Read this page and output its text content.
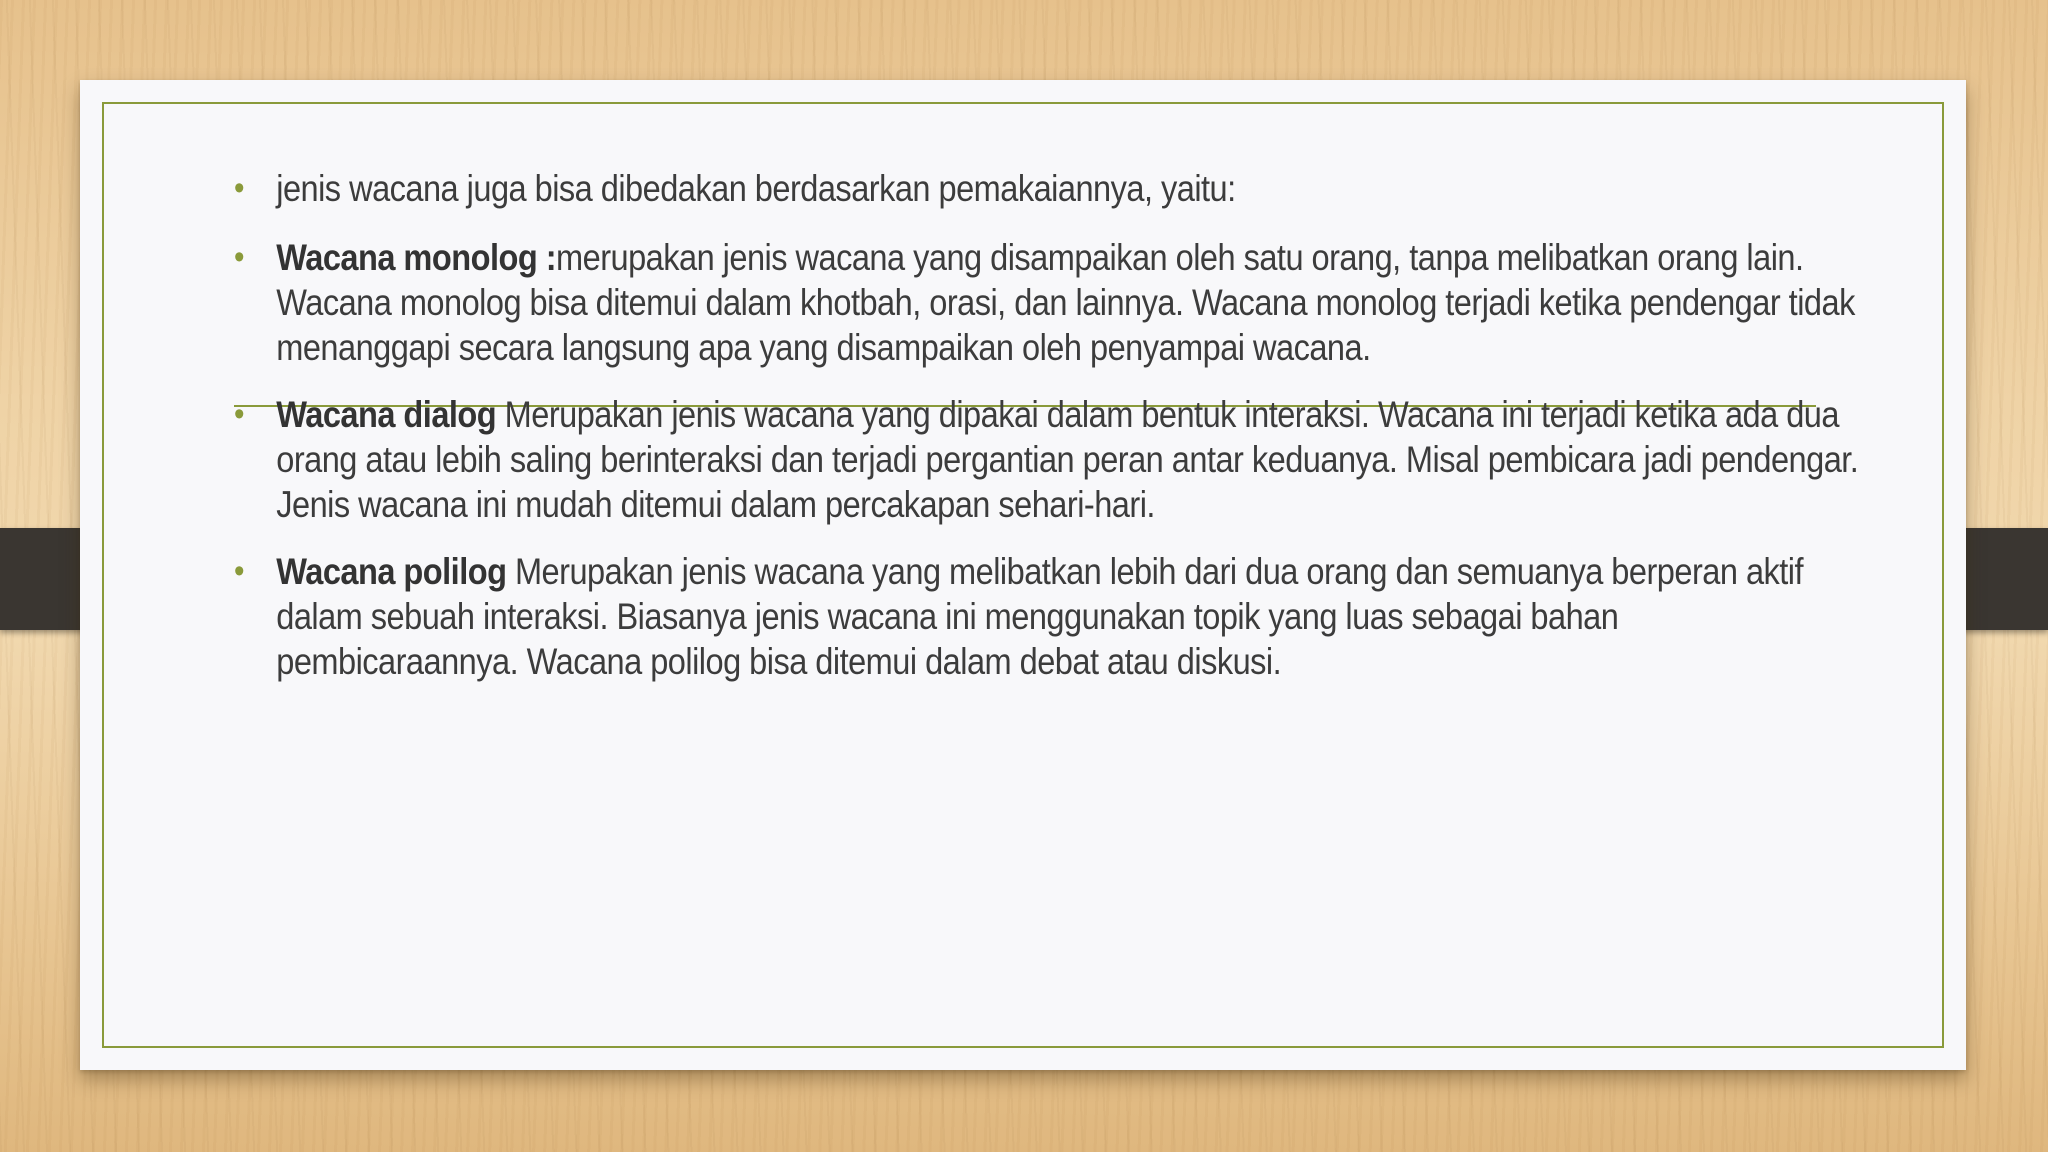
• jenis wacana juga bisa dibedakan berdasarkan pemakaiannya, yaitu:
• Wacana monolog :merupakan jenis wacana yang disampaikan oleh satu orang, tanpa melibatkan orang lain. Wacana monolog bisa ditemui dalam khotbah, orasi, dan lainnya. Wacana monolog terjadi ketika pendengar tidak menanggapi secara langsung apa yang disampaikan oleh penyampai wacana.
• Wacana dialog Merupakan jenis wacana yang dipakai dalam bentuk interaksi. Wacana ini terjadi ketika ada dua orang atau lebih saling berinteraksi dan terjadi pergantian peran antar keduanya. Misal pembicara jadi pendengar. Jenis wacana ini mudah ditemui dalam percakapan sehari-hari.
• Wacana polilog Merupakan jenis wacana yang melibatkan lebih dari dua orang dan semuanya berperan aktif dalam sebuah interaksi. Biasanya jenis wacana ini menggunakan topik yang luas sebagai bahan pembicaraannya. Wacana polilog bisa ditemui dalam debat atau diskusi.
